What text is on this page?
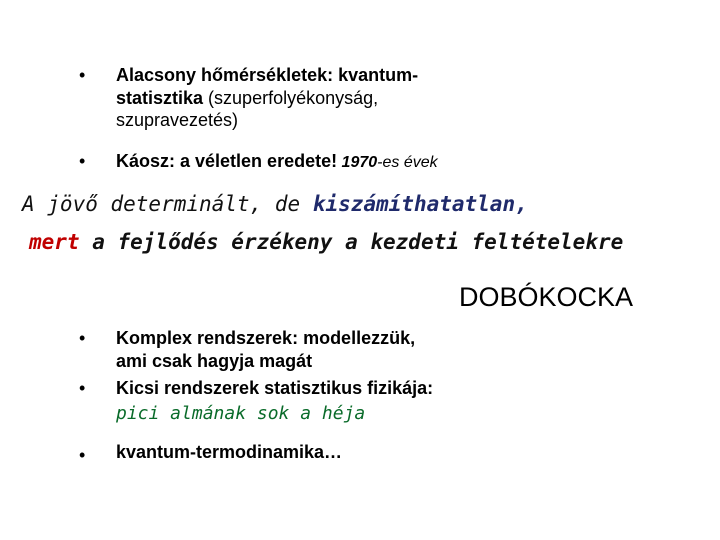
• Alacsony hőmérsékletek: kvantum-
statisztika (szuperfolyékonyság,
szupravezetés)
• Káosz: a véletlen eredete! 1970-es évek
A jövő determinált, de kiszámíthatatlan,
mert a fejlődés érzékeny a kezdeti feltételekre
DOBÓKOCKA
• Komplex rendszerek: modellezzük,
ami csak hagyja magát
• Kicsi rendszerek statisztikus fizikája:
pici almának sok a héja
• kvantum-termodinamika…
